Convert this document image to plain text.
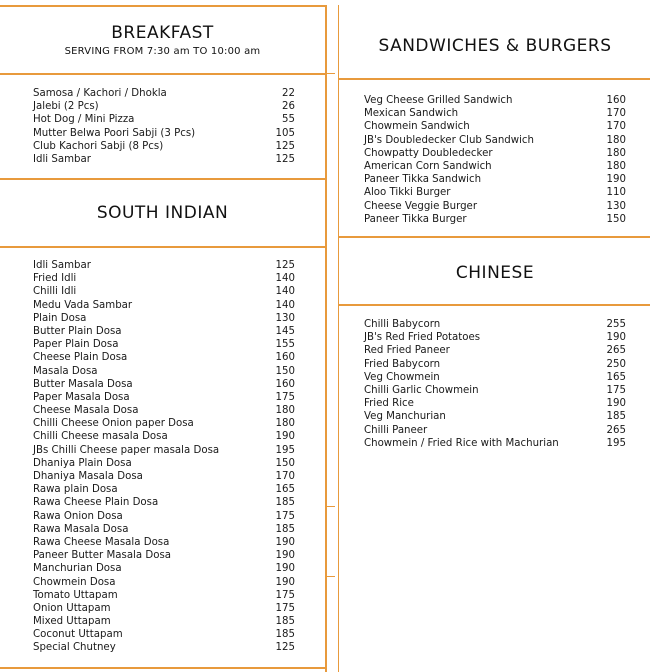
BREAKFAST
SERVING FROM 7:30 am TO 10:00 am
Samosa / Kachori / Dhokla	22
Jalebi (2 Pcs)	26
Hot Dog / Mini Pizza	55
Mutter Belwa Poori Sabji (3 Pcs)	105
Club Kachori Sabji (8 Pcs)	125
Idli Sambar	125
SOUTH INDIAN
Idli Sambar	125
Fried Idli	140
Chilli Idli	140
Medu Vada Sambar	140
Plain Dosa	130
Butter Plain Dosa	145
Paper Plain Dosa	155
Cheese Plain Dosa	160
Masala Dosa	150
Butter Masala Dosa	160
Paper Masala Dosa	175
Cheese Masala Dosa	180
Chilli Cheese Onion paper Dosa	180
Chilli Cheese masala Dosa	190
JBs Chilli Cheese paper masala Dosa	195
Dhaniya Plain Dosa	150
Dhaniya Masala Dosa	170
Rawa plain Dosa	165
Rawa Cheese Plain Dosa	185
Rawa Onion Dosa	175
Rawa Masala Dosa	185
Rawa Cheese Masala Dosa	190
Paneer Butter Masala Dosa	190
Manchurian Dosa	190
Chowmein Dosa	190
Tomato Uttapam	175
Onion Uttapam	175
Mixed Uttapam	185
Coconut Uttapam	185
Special Chutney	125
SANDWICHES & BURGERS
Veg Cheese Grilled Sandwich	160
Mexican Sandwich	170
Chowmein Sandwich	170
JB's Doubledecker Club Sandwich	180
Chowpatty Doubledecker	180
American Corn Sandwich	180
Paneer Tikka Sandwich	190
Aloo Tikki Burger	110
Cheese Veggie Burger	130
Paneer Tikka Burger	150
CHINESE
Chilli Babycorn	255
JB's Red Fried Potatoes	190
Red Fried Paneer	265
Fried Babycorn	250
Veg Chowmein	165
Chilli Garlic Chowmein	175
Fried Rice	190
Veg Manchurian	185
Chilli Paneer	265
Chowmein / Fried Rice with Machurian	195
